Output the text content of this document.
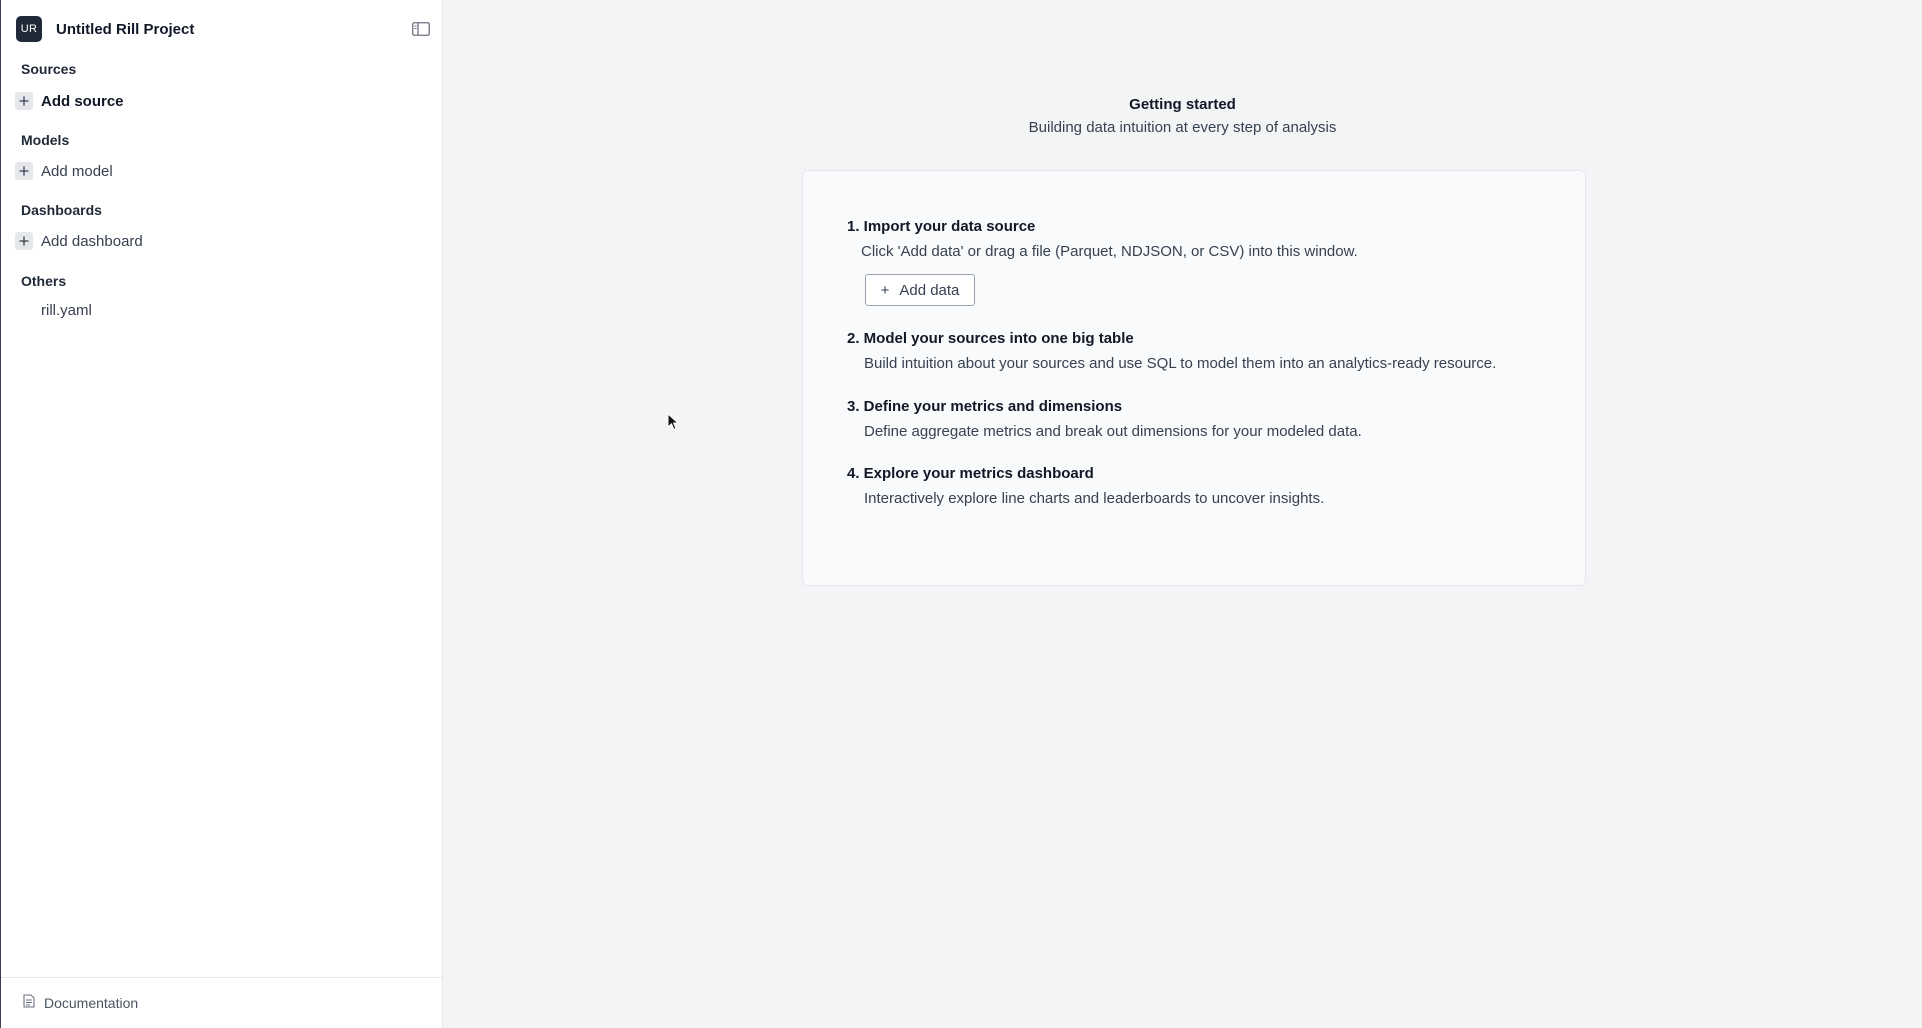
UR	Untitled Rill Project
Sources
Add source
Models
Add model
Dashboards
Add dashboard
Others
rill.yaml
Documentation
Getting started
Building data intuition at every step of analysis
1. Import your data source
Click 'Add data' or drag a file (Parquet, NDJSON, or CSV) into this window.
+ Add data
2. Model your sources into one big table
Build intuition about your sources and use SQL to model them into an analytics-ready resource.
3. Define your metrics and dimensions
Define aggregate metrics and break out dimensions for your modeled data.
4. Explore your metrics dashboard
Interactively explore line charts and leaderboards to uncover insights.
